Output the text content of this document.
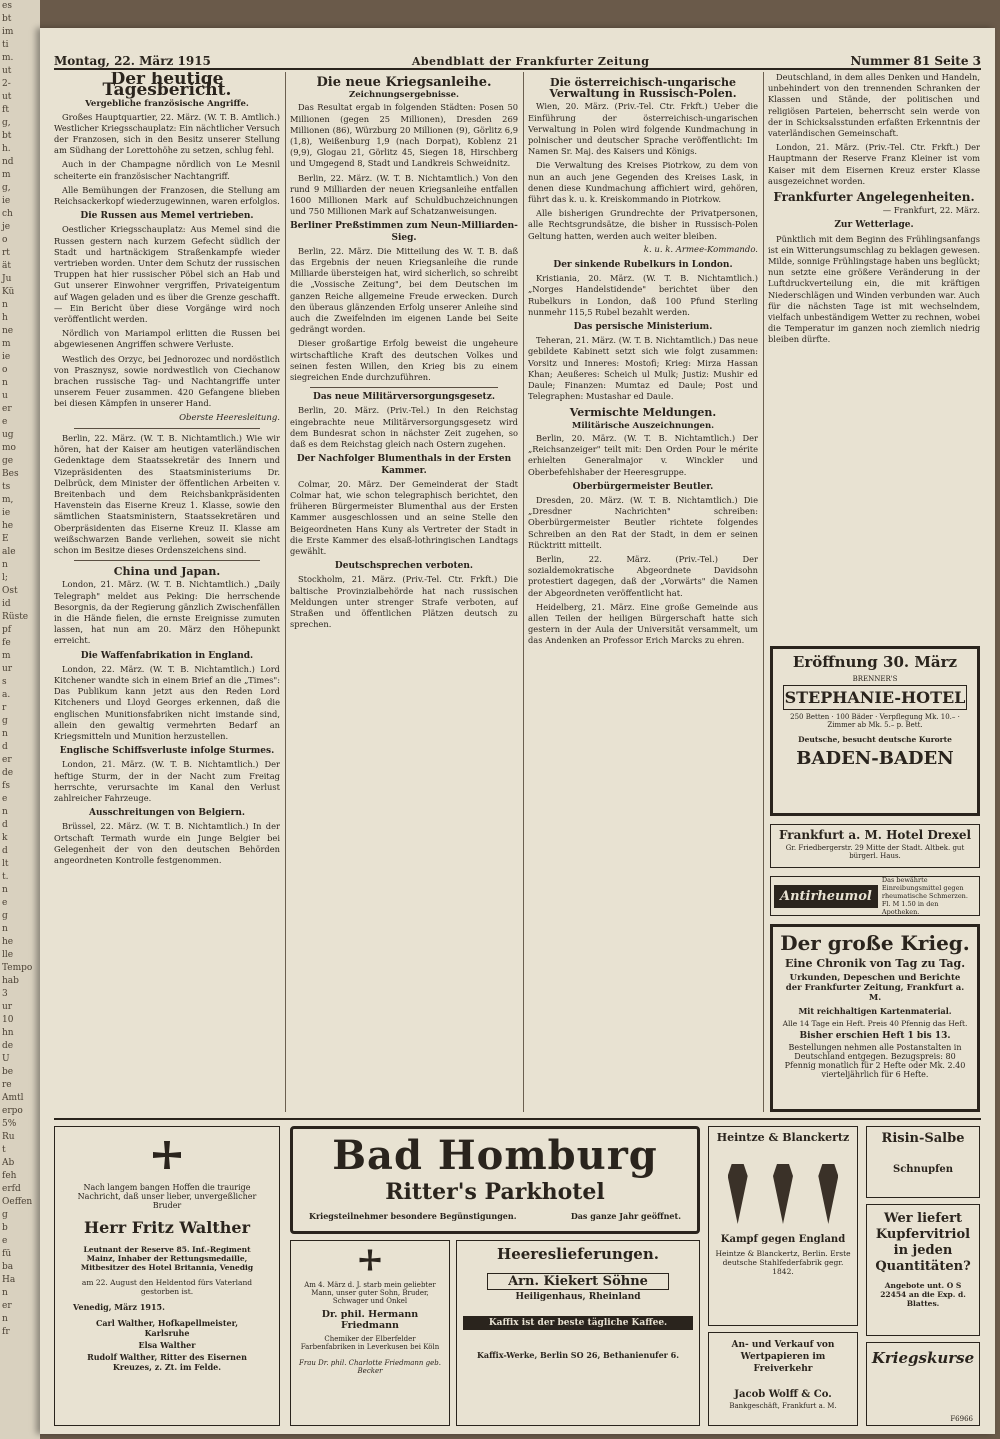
es
bt
im
ti
m.
ut
2-
ut
ft
g,
bt
h.
nd
m
g,
ie
ch
je
o
rt
ät
Ju
Kü
n
h
ne
m
ie
o
n
u
er
e
ug
mo
ge
Bes
ts
m,
ie
he
E
ale
n
l;
Ost
id
Rüste
pf
fe
m
ur
s
a.
r
g
n
d
er
de
fs
e
n
d
k
d
lt
t.
n
e
g
n
he
lle
Tempo
hab
3
ur
10
hn
de
U
be
re
Amtl
erpo
5%
Ru
t
Ab
feh
erfd
Oeffen
g
b
e
fü
ba
Ha
n
er
n
fr

Montag, 22. März 1915	Abendblatt der Frankfurter Zeitung	Nummer 81 Seite 3
Der heutige Tagesbericht.
Vergebliche französische Angriffe.

Großes Hauptquartier, 22. März. (W. T. B. Amtlich.) Westlicher Kriegsschauplatz: Ein nächtlicher Versuch der Franzosen, sich in den Besitz unserer Stellung am Südhang der Lorettohöhe zu setzen, schlug fehl.

Auch in der Champagne nördlich von Le Mesnil scheiterte ein französischer Nachtangriff.

Alle Bemühungen der Franzosen, die Stellung am Reichsackerkopf wiederzugewinnen, waren erfolglos.

Die Russen aus Memel vertrieben.

Oestlicher Kriegsschauplatz: Aus Memel sind die Russen gestern nach kurzem Gefecht südlich der Stadt und hartnäckigem Straßenkampfe wieder vertrieben worden. Unter dem Schutz der russischen Truppen hat hier russischer Pöbel sich an Hab und Gut unserer Einwohner vergriffen, Privateigentum auf Wagen geladen und es über die Grenze geschafft. — Ein Bericht über diese Vorgänge wird noch veröffentlicht werden.

Nördlich von Mariampol erlitten die Russen bei abgewiesenen Angriffen schwere Verluste.

Westlich des Orzyc, bei Jednorozec und nordöstlich von Prasznysz, sowie nordwestlich von Ciechanow brachen russische Tag- und Nachtangriffe unter unserem Feuer zusammen. 420 Gefangene blieben bei diesen Kämpfen in unserer Hand.

Oberste Heeresleitung.

Berlin, 22. März. (W. T. B. Nichtamtlich.) Wie wir hören, hat der Kaiser am heutigen vaterländischen Gedenktage dem Staatssekretär des Innern und Vizepräsidenten des Staatsministeriums Dr. Delbrück, dem Minister der öffentlichen Arbeiten v. Breitenbach und dem Reichsbankpräsidenten Havenstein das Eiserne Kreuz 1. Klasse, sowie den sämtlichen Staatsministern, Staatssekretären und Oberpräsidenten das Eiserne Kreuz II. Klasse am weißschwarzen Bande verliehen, soweit sie nicht schon im Besitze dieses Ordenszeichens sind.

China und Japan.

London, 21. März. (W. T. B. Nichtamtlich.) „Daily Telegraph" meldet aus Peking: Die herrschende Besorgnis, da der Regierung gänzlich Zwischenfällen in die Hände fielen, die ernste Ereignisse zumuten lassen, hat nun am 20. März den Höhepunkt erreicht.

Die Waffenfabrikation in England.

London, 22. März. (W. T. B. Nichtamtlich.) Lord Kitchener wandte sich in einem Brief an die „Times": Das Publikum kann jetzt aus den Reden Lord Kitcheners und Lloyd Georges erkennen, daß die englischen Munitionsfabriken nicht imstande sind, allein den gewaltig vermehrten Bedarf an Kriegsmitteln und Munition herzustellen.

Englische Schiffsverluste infolge Sturmes.

London, 21. März. (W. T. B. Nichtamtlich.) Der heftige Sturm, der in der Nacht zum Freitag herrschte, verursachte im Kanal den Verlust zahlreicher Fahrzeuge.

Ausschreitungen von Belgiern.

Brüssel, 22. März. (W. T. B. Nichtamtlich.) In der Ortschaft Termath wurde ein Junge Belgier bei Gelegenheit der von den deutschen Behörden angeordneten Kontrolle festgenommen.

Die neue Kriegsanleihe.
Zeichnungsergebnisse.

Das Resultat ergab in folgenden Städten: Posen 50 Millionen (gegen 25 Millionen), Dresden 269 Millionen (86), Würzburg 20 Millionen (9), Görlitz 6,9 (1,8), Weißenburg 1,9 (nach Dorpat), Koblenz 21 (9,9), Glogau 21, Görlitz 45, Siegen 18, Hirschberg und Umgegend 8, Stadt und Landkreis Schweidnitz.

Berlin, 22. März. (W. T. B. Nichtamtlich.) Von den rund 9 Milliarden der neuen Kriegsanleihe entfallen 1600 Millionen Mark auf Schuldbuchzeichnungen und 750 Millionen Mark auf Schatzanweisungen.

Berliner Preßstimmen zum Neun-Milliarden-Sieg.

Berlin, 22. März. Die Mitteilung des W. T. B. daß das Ergebnis der neuen Kriegsanleihe die runde Milliarde übersteigen hat, wird sicherlich, so schreibt die „Vossische Zeitung", bei dem Deutschen im ganzen Reiche allgemeine Freude erwecken. Durch den überaus glänzenden Erfolg unserer Anleihe sind auch die Zweifelnden im eigenen Lande bei Seite gedrängt worden.

Dieser großartige Erfolg beweist die ungeheure wirtschaftliche Kraft des deutschen Volkes und seinen festen Willen, den Krieg bis zu einem siegreichen Ende durchzuführen.

Das neue Militärversorgungsgesetz.

Berlin, 20. März. (Priv.-Tel.) In den Reichstag eingebrachte neue Militärversorgungsgesetz wird dem Bundesrat schon in nächster Zeit zugehen, so daß es dem Reichstag gleich nach Ostern zugehen.

Der Nachfolger Blumenthals in der Ersten Kammer.

Colmar, 20. März. Der Gemeinderat der Stadt Colmar hat, wie schon telegraphisch berichtet, den früheren Bürgermeister Blumenthal aus der Ersten Kammer ausgeschlossen und an seine Stelle den Beigeordneten Hans Kuny als Vertreter der Stadt in die Erste Kammer des elsaß-lothringischen Landtags gewählt.

Deutschsprechen verboten.

Stockholm, 21. März. (Priv.-Tel. Ctr. Frkft.) Die baltische Provinzialbehörde hat nach russischen Meldungen unter strenger Strafe verboten, auf Straßen und öffentlichen Plätzen deutsch zu sprechen.

Die österreichisch-ungarische Verwaltung in Russisch-Polen.

Wien, 20. März. (Priv.-Tel. Ctr. Frkft.) Ueber die Einführung der österreichisch-ungarischen Verwaltung in Polen wird folgende Kundmachung in polnischer und deutscher Sprache veröffentlicht: Im Namen Sr. Maj. des Kaisers und Königs.

Die Verwaltung des Kreises Piotrkow, zu dem von nun an auch jene Gegenden des Kreises Lask, in denen diese Kundmachung affichiert wird, gehören, führt das k. u. k. Kreiskommando in Piotrkow.

Alle bisherigen Grundrechte der Privatpersonen, alle Rechtsgrundsätze, die bisher in Russisch-Polen Geltung hatten, werden auch weiter bleiben.

k. u. k. Armee-Kommando.
Der sinkende Rubelkurs in London.

Kristiania, 20. März. (W. T. B. Nichtamtlich.) „Norges Handelstidende" berichtet über den Rubelkurs in London, daß 100 Pfund Sterling nunmehr 115,5 Rubel bezahlt werden.

Das persische Ministerium.

Teheran, 21. März. (W. T. B. Nichtamtlich.) Das neue gebildete Kabinett setzt sich wie folgt zusammen: Vorsitz und Inneres: Mostofi; Krieg: Mirza Hassan Khan; Aeußeres: Scheich ul Mulk; Justiz: Mushir ed Daule; Finanzen: Mumtaz ed Daule; Post und Telegraphen: Mustashar ed Daule.

Vermischte Meldungen.
Militärische Auszeichnungen.

Berlin, 20. März. (W. T. B. Nichtamtlich.) Der „Reichsanzeiger" teilt mit: Den Orden Pour le mérite erhielten Generalmajor v. Winckler und Oberbefehlshaber der Heeresgruppe.

Oberbürgermeister Beutler.

Dresden, 20. März. (W. T. B. Nichtamtlich.) Die „Dresdner Nachrichten" schreiben: Oberbürgermeister Beutler richtete folgendes Schreiben an den Rat der Stadt, in dem er seinen Rücktritt mitteilt.

Berlin, 22. März. (Priv.-Tel.) Der sozialdemokratische Abgeordnete Davidsohn protestiert dagegen, daß der „Vorwärts" die Namen der Abgeordneten veröffentlicht hat.

Heidelberg, 21. März. Eine große Gemeinde aus allen Teilen der heiligen Bürgerschaft hatte sich gestern in der Aula der Universität versammelt, um das Andenken an Professor Erich Marcks zu ehren.

Deutschland, in dem alles Denken und Handeln, unbehindert von den trennenden Schranken der Klassen und Stände, der politischen und religiösen Parteien, beherrscht sein werde von der in Schicksalsstunden erfaßten Erkenntnis der vaterländischen Gemeinschaft.

London, 21. März. (Priv.-Tel. Ctr. Frkft.) Der Hauptmann der Reserve Franz Kleiner ist vom Kaiser mit dem Eisernen Kreuz erster Klasse ausgezeichnet worden.

Frankfurter Angelegenheiten.
— Frankfurt, 22. März.
Zur Wetterlage.

Pünktlich mit dem Beginn des Frühlingsanfangs ist ein Witterungsumschlag zu beklagen gewesen. Milde, sonnige Frühlingstage haben uns beglückt; nun setzte eine größere Veränderung in der Luftdruckverteilung ein, die mit kräftigen Niederschlägen und Winden verbunden war. Auch für die nächsten Tage ist mit wechselndem, vielfach unbeständigem Wetter zu rechnen, wobei die Temperatur im ganzen noch ziemlich niedrig bleiben dürfte.

Eröffnung 30. März
BRENNER'S
STEPHANIE-HOTEL
250 Betten · 100 Bäder · Verpflegung Mk. 10.– · Zimmer ab Mk. 5.– p. Bett.
Deutsche, besucht deutsche Kurorte
BADEN-BADEN
Frankfurt a. M. Hotel Drexel
Gr. Friedbergerstr. 29 Mitte der Stadt. Altbek. gut bürgerl. Haus.
Antirheumol
Das bewährte Einreibungsmittel gegen rheumatische Schmerzen. Fl. M 1.50 in den Apotheken.
Der große Krieg.
Eine Chronik von Tag zu Tag.
Urkunden, Depeschen und Berichte der Frankfurter Zeitung, Frankfurt a. M.
Mit reichhaltigen Kartenmaterial.
Alle 14 Tage ein Heft. Preis 40 Pfennig das Heft.
Bisher erschien Heft 1 bis 13.
Bestellungen nehmen alle Postanstalten in Deutschland entgegen. Bezugspreis: 80 Pfennig monatlich für 2 Hefte oder Mk. 2.40 vierteljährlich für 6 Hefte.
Nach langem bangen Hoffen die traurige Nachricht, daß unser lieber, unvergeßlicher Bruder
Herr Fritz Walther
Leutnant der Reserve 85. Inf.-Regiment Mainz, Inhaber der Rettungsmedaille, Mitbesitzer des Hotel Britannia, Venedig
am 22. August den Heldentod fürs Vaterland gestorben ist.
Venedig, März 1915.
Carl Walther, Hofkapellmeister, Karlsruhe
Elsa Walther
Rudolf Walther, Ritter des Eisernen Kreuzes, z. Zt. im Felde.
Bad Homburg
Ritter's Parkhotel
Kriegsteilnehmer besondere Begünstigungen.	Das ganze Jahr geöffnet.
Heintze & Blanckertz
Kampf gegen England
Heintze & Blanckertz, Berlin. Erste deutsche Stahlfederfabrik gegr. 1842.
Risin-Salbe
Schnupfen
Wer liefert Kupfervitriol in jeden Quantitäten?
Angebote unt. O S 22454 an die Exp. d. Blattes.
Kriegskurse
F6966
Am 4. März d. J. starb mein geliebter Mann, unser guter Sohn, Bruder, Schwager und Onkel
Dr. phil. Hermann Friedmann
Chemiker der Elberfelder Farbenfabriken in Leverkusen bei Köln
Frau Dr. phil. Charlotte Friedmann geb. Becker
Heereslieferungen.
Arn. Kiekert Söhne
Heiligenhaus, Rheinland
Kaffix ist der beste tägliche Kaffee.
Kaffix-Werke, Berlin SO 26, Bethanienufer 6.
An- und Verkauf von Wertpapieren im Freiverkehr
Jacob Wolff & Co.
Bankgeschäft, Frankfurt a. M.
